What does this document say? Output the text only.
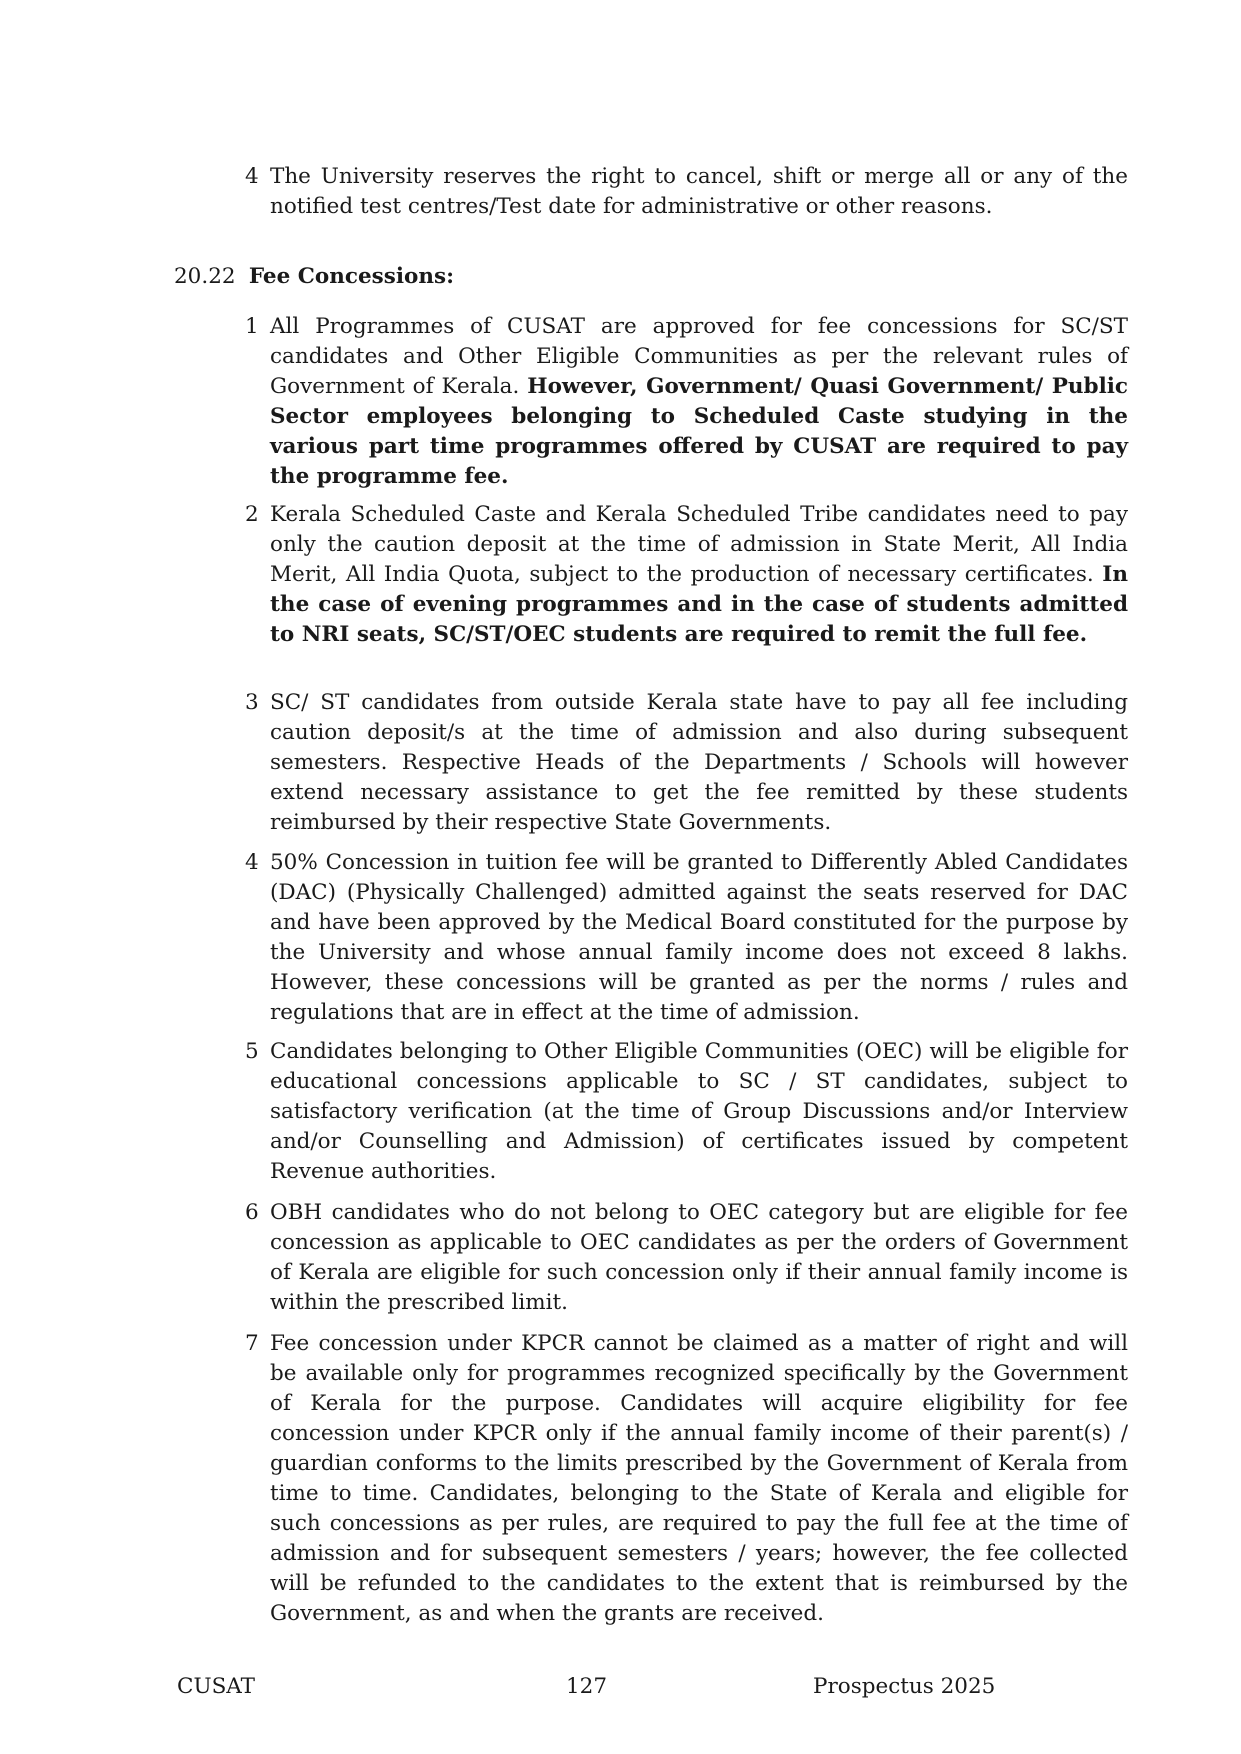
4 The University reserves the right to cancel, shift or merge all or any of the notified test centres/Test date for administrative or other reasons.
20.22 Fee Concessions:
1 All Programmes of CUSAT are approved for fee concessions for SC/ST candidates and Other Eligible Communities as per the relevant rules of Government of Kerala. However, Government/ Quasi Government/ Public Sector employees belonging to Scheduled Caste studying in the various part time programmes offered by CUSAT are required to pay the programme fee.
2 Kerala Scheduled Caste and Kerala Scheduled Tribe candidates need to pay only the caution deposit at the time of admission in State Merit, All India Merit, All India Quota, subject to the production of necessary certificates. In the case of evening programmes and in the case of students admitted to NRI seats, SC/ST/OEC students are required to remit the full fee.
3 SC/ ST candidates from outside Kerala state have to pay all fee including caution deposit/s at the time of admission and also during subsequent semesters. Respective Heads of the Departments / Schools will however extend necessary assistance to get the fee remitted by these students reimbursed by their respective State Governments.
4 50% Concession in tuition fee will be granted to Differently Abled Candidates (DAC) (Physically Challenged) admitted against the seats reserved for DAC and have been approved by the Medical Board constituted for the purpose by the University and whose annual family income does not exceed 8 lakhs. However, these concessions will be granted as per the norms / rules and regulations that are in effect at the time of admission.
5 Candidates belonging to Other Eligible Communities (OEC) will be eligible for educational concessions applicable to SC / ST candidates, subject to satisfactory verification (at the time of Group Discussions and/or Interview and/or Counselling and Admission) of certificates issued by competent Revenue authorities.
6 OBH candidates who do not belong to OEC category but are eligible for fee concession as applicable to OEC candidates as per the orders of Government of Kerala are eligible for such concession only if their annual family income is within the prescribed limit.
7 Fee concession under KPCR cannot be claimed as a matter of right and will be available only for programmes recognized specifically by the Government of Kerala for the purpose. Candidates will acquire eligibility for fee concession under KPCR only if the annual family income of their parent(s) / guardian conforms to the limits prescribed by the Government of Kerala from time to time. Candidates, belonging to the State of Kerala and eligible for such concessions as per rules, are required to pay the full fee at the time of admission and for subsequent semesters / years; however, the fee collected will be refunded to the candidates to the extent that is reimbursed by the Government, as and when the grants are received.
CUSAT	127	Prospectus 2025
